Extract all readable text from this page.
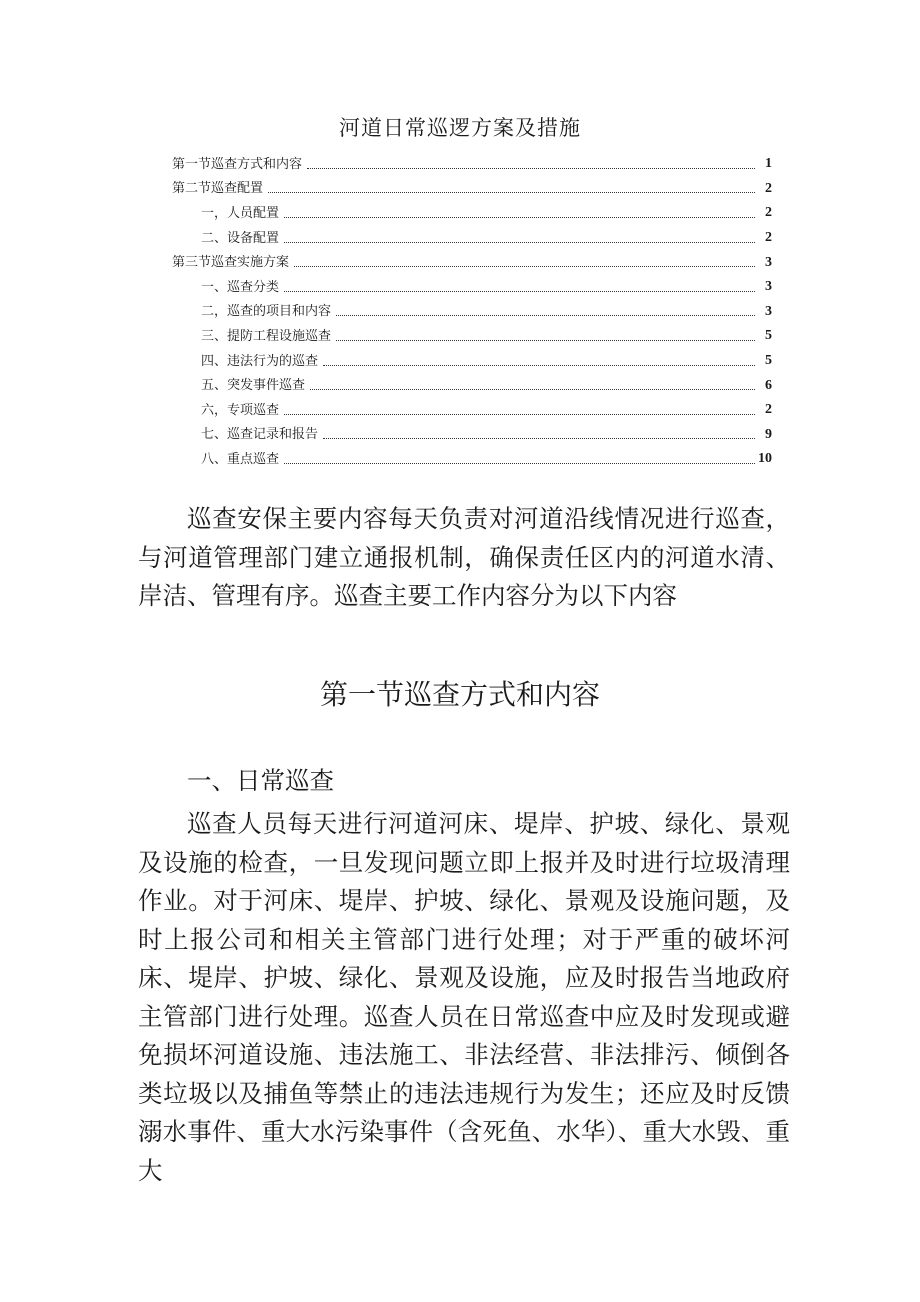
河道日常巡逻方案及措施
第一节巡查方式和内容	1
第二节巡查配置	2
一，人员配置	2
二、设备配置	2
第三节巡查实施方案	3
一、巡查分类	3
二，巡查的项目和内容	3
三、提防工程设施巡查	5
四、违法行为的巡查	5
五、突发事件巡查	6
六，专项巡查	2
七、巡查记录和报告	9
八、重点巡查	10

巡查安保主要内容每天负责对河道沿线情况进行巡查，与河道管理部门建立通报机制，确保责任区内的河道水清、岸洁、管理有序。巡查主要工作内容分为以下内容

第一节巡查方式和内容
一、日常巡查

巡查人员每天进行河道河床、堤岸、护坡、绿化、景观及设施的检查，一旦发现问题立即上报并及时进行垃圾清理作业。对于河床、堤岸、护坡、绿化、景观及设施问题，及时上报公司和相关主管部门进行处理；对于严重的破坏河床、堤岸、护坡、绿化、景观及设施，应及时报告当地政府主管部门进行处理。巡查人员在日常巡查中应及时发现或避免损坏河道设施、违法施工、非法经营、非法排污、倾倒各类垃圾以及捕鱼等禁止的违法违规行为发生；还应及时反馈溺水事件、重大水污染事件（含死鱼、水华）、重大水毁、重大
